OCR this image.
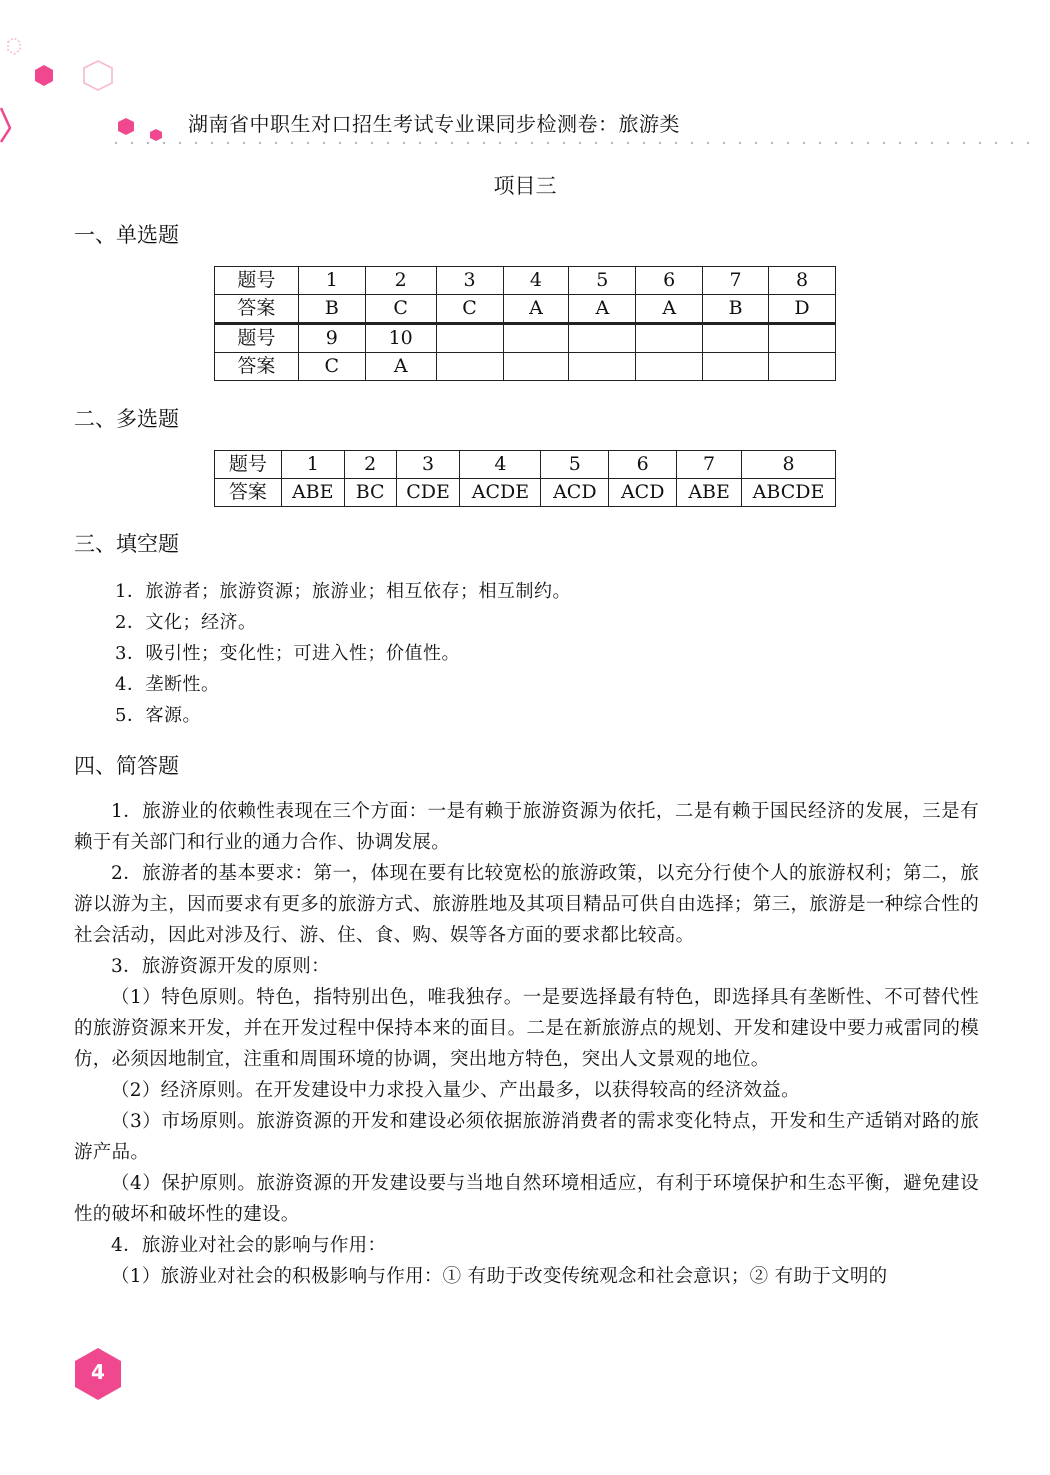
湖南省中职生对口招生考试专业课同步检测卷：旅游类
项目三
一、单选题
题号	1	2	3	4	5	6	7	8
答案	B	C	C	A	A	A	B	D
题号	9	10						
答案	C	A						
二、多选题
题号	1	2	3	4	5	6	7	8
答案	ABE	BC	CDE	ACDE	ACD	ACD	ABE	ABCDE
三、填空题
1．旅游者；旅游资源；旅游业；相互依存；相互制约。
2．文化；经济。
3．吸引性；变化性；可进入性；价值性。
4．垄断性。
5．客源。
四、简答题

1．旅游业的依赖性表现在三个方面：一是有赖于旅游资源为依托，二是有赖于国民经济的发展，三是有赖于有关部门和行业的通力合作、协调发展。

2．旅游者的基本要求：第一，体现在要有比较宽松的旅游政策，以充分行使个人的旅游权利；第二，旅游以游为主，因而要求有更多的旅游方式、旅游胜地及其项目精品可供自由选择；第三，旅游是一种综合性的社会活动，因此对涉及行、游、住、食、购、娱等各方面的要求都比较高。

3．旅游资源开发的原则：

（1）特色原则。特色，指特别出色，唯我独存。一是要选择最有特色，即选择具有垄断性、不可替代性的旅游资源来开发，并在开发过程中保持本来的面目。二是在新旅游点的规划、开发和建设中要力戒雷同的模仿，必须因地制宜，注重和周围环境的协调，突出地方特色，突出人文景观的地位。

（2）经济原则。在开发建设中力求投入量少、产出最多，以获得较高的经济效益。

（3）市场原则。旅游资源的开发和建设必须依据旅游消费者的需求变化特点，开发和生产适销对路的旅游产品。

（4）保护原则。旅游资源的开发建设要与当地自然环境相适应，有利于环境保护和生态平衡，避免建设性的破坏和破坏性的建设。

4．旅游业对社会的影响与作用：

（1）旅游业对社会的积极影响与作用：① 有助于改变传统观念和社会意识；② 有助于文明的

4
